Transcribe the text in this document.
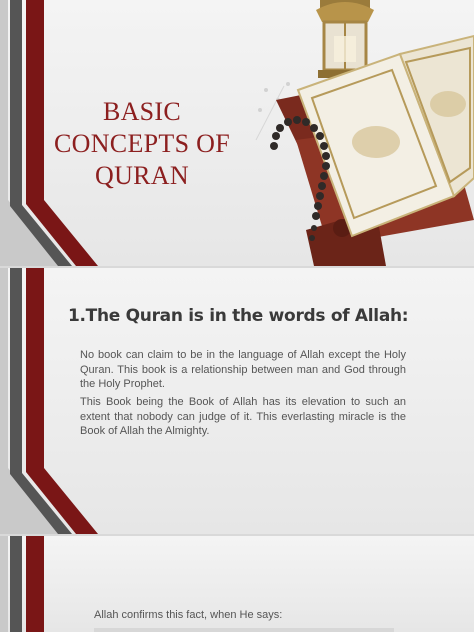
BASIC
CONCEPTS OF
QURAN
1.The Quran is in the words of Allah:

No book can claim to be in the language of Allah except the Holy Quran. This book is a relationship between man and God through the Holy Prophet.

This Book being the Book of Allah has its elevation to such an extent that nobody can judge of it. This everlasting miracle is the Book of Allah the Almighty.

Allah confirms this fact, when He says:
